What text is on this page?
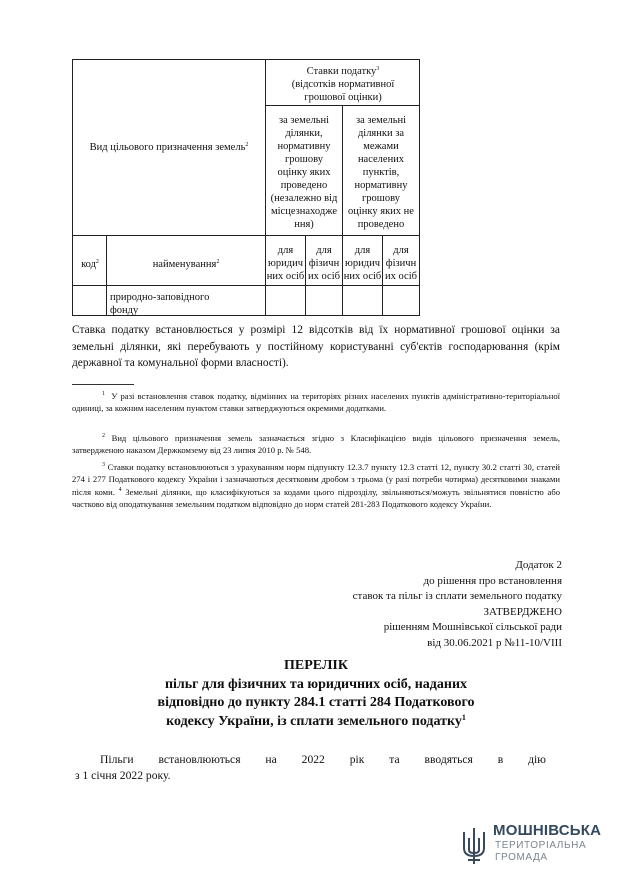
Вид цільового призначення земель$^2$
Ставки податку$^3$
(відсотків нормативної
грошової оцінки)
за земельні
ділянки,
нормативну
грошову
оцінку яких
проведено
(незалежно від
місцезнаходже
ння)
за земельні
ділянки за
межами
населених
пунктів,
нормативну
грошову
оцінку яких не
проведено
код$^2$	найменування$^2$
для
юридич
них осіб
для
фізичн
их осіб
для
юридич
них осіб
для
фізичн
их осіб
природно-заповідного
фонду
Ставка податку встановлюється у розмірі 12 відсотків від їх нормативної грошової оцінки за земельні ділянки, які перебувають у постійному користуванні суб'єктів господарювання (крім державної та комунальної форми власності).
$^1$ У разі встановлення ставок податку, відмінних на територіях різних населених пунктів адміністративно-територіальної одиниці, за кожним населеним пунктом ставки затверджуються окремими додатками.
$^2$ Вид цільового призначення земель зазначається згідно з Класифікацією видів цільового призначення земель, затвердженою наказом Держкомзему від 23 липня 2010 р. № 548.
$^3$ Ставки податку встановлюються з урахуванням норм підпункту 12.3.7 пункту 12.3 статті 12, пункту 30.2 статті 30, статей 274 і 277 Податкового кодексу України і зазначаються десятковим дробом з трьома (у разі потреби чотирма) десятковими знаками після коми. $^4$ Земельні ділянки, що класифікуються за кодами цього підрозділу, звільняються/можуть звільнятися повністю або частково від оподаткування земельним податком відповідно до норм статей 281-283 Податкового кодексу України.
Додаток 2
до рішення про встановлення
ставок та пільг із сплати земельного податку
ЗАТВЕРДЖЕНО
рішенням Мошнівської сільської ради
від 30.06.2021 р №11-10/VIII
ПЕРЕЛІК
пільг для фізичних та юридичних осіб, наданих
відповідно до пункту 284.1 статті 284 Податкового
кодексу України, із сплати земельного податку$^1$
Пільги встановлюються на 2022 рік та вводяться в дію
з 1 січня 2022 року.
МОШНІВСЬКА
ТЕРИТОРІАЛЬНА
ГРОМАДА
